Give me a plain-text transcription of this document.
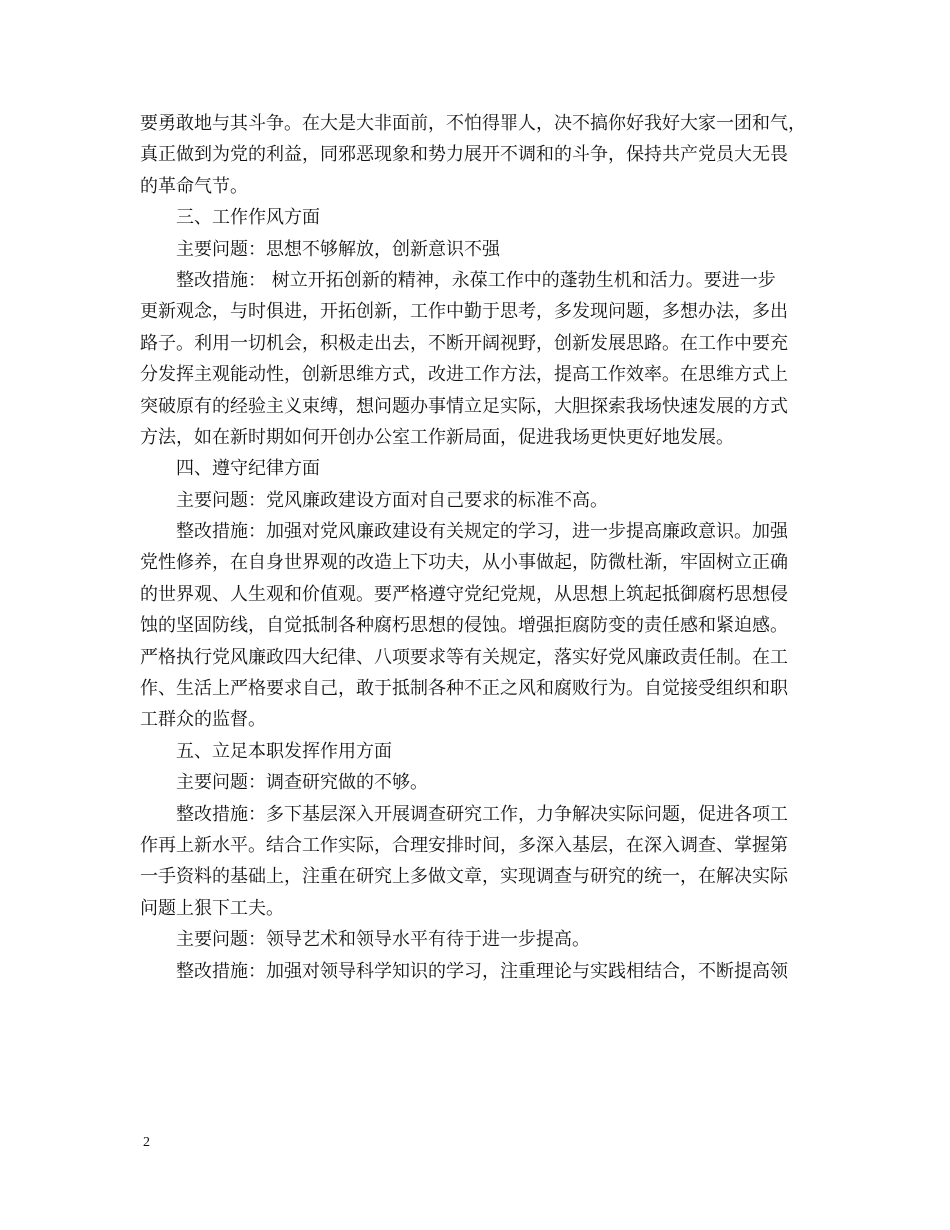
要勇敢地与其斗争。在大是大非面前，不怕得罪人，决不搞你好我好大家一团和气，
真正做到为党的利益，同邪恶现象和势力展开不调和的斗争，保持共产党员大无畏
的革命气节。
三、工作作风方面
主要问题：思想不够解放，创新意识不强
整改措施： 树立开拓创新的精神，永葆工作中的蓬勃生机和活力。要进一步
更新观念，与时俱进，开拓创新，工作中勤于思考，多发现问题，多想办法，多出
路子。利用一切机会，积极走出去，不断开阔视野，创新发展思路。在工作中要充
分发挥主观能动性，创新思维方式，改进工作方法，提高工作效率。在思维方式上
突破原有的经验主义束缚，想问题办事情立足实际，大胆探索我场快速发展的方式
方法，如在新时期如何开创办公室工作新局面，促进我场更快更好地发展。
四、遵守纪律方面
主要问题：党风廉政建设方面对自己要求的标准不高。
整改措施：加强对党风廉政建设有关规定的学习，进一步提高廉政意识。加强
党性修养，在自身世界观的改造上下功夫，从小事做起，防微杜渐，牢固树立正确
的世界观、人生观和价值观。要严格遵守党纪党规，从思想上筑起抵御腐朽思想侵
蚀的坚固防线，自觉抵制各种腐朽思想的侵蚀。增强拒腐防变的责任感和紧迫感。
严格执行党风廉政四大纪律、八项要求等有关规定，落实好党风廉政责任制。在工
作、生活上严格要求自己，敢于抵制各种不正之风和腐败行为。自觉接受组织和职
工群众的监督。
五、立足本职发挥作用方面
主要问题：调查研究做的不够。
整改措施：多下基层深入开展调查研究工作，力争解决实际问题，促进各项工
作再上新水平。结合工作实际，合理安排时间，多深入基层，在深入调查、掌握第
一手资料的基础上，注重在研究上多做文章，实现调查与研究的统一，在解决实际
问题上狠下工夫。
主要问题：领导艺术和领导水平有待于进一步提高。
整改措施：加强对领导科学知识的学习，注重理论与实践相结合，不断提高领
2
